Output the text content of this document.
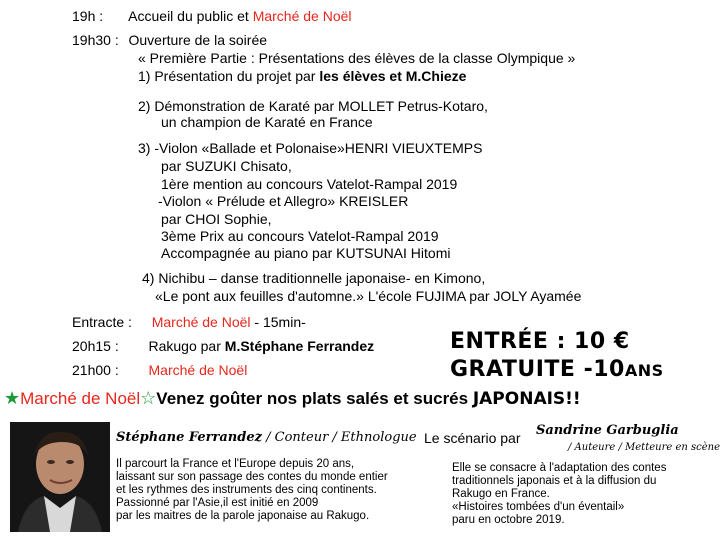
19h : Accueil du public et Marché de Noël
19h30 : Ouverture de la soirée
« Première Partie : Présentations des élèves de la classe Olympique »
1) Présentation du projet par les élèves et M.Chieze
2) Démonstration de Karaté par MOLLET Petrus-Kotaro,
un champion de Karaté en France
3) -Violon «Ballade et Polonaise»HENRI VIEUXTEMPS
par SUZUKI Chisato,
1ère mention au concours Vatelot-Rampal 2019
-Violon « Prélude et Allegro» KREISLER
par CHOI Sophie,
3ème Prix au concours Vatelot-Rampal 2019
Accompagnée au piano par KUTSUNAI Hitomi
4) Nichibu – danse traditionnelle japonaise- en Kimono,
«Le pont aux feuilles d'automne.» L'école FUJIMA par JOLY Ayamée
Entracte : Marché de Noël - 15min-
20h15 : Rakugo par M.Stéphane Ferrandez
21h00 : Marché de Noël
ENTRÉE : 10 €
GRATUITE -10ANS
★Marché de Noël☆Venez goûter nos plats salés et sucrés JAPONAIS!!
Stéphane Ferrandez / Conteur / Ethnologue
Il parcourt la France et l'Europe depuis 20 ans,
laissant sur son passage des contes du monde entier
et les rythmes des instruments des cinq continents.
Passionné par l'Asie,il est initié en 2009
par les maitres de la parole japonaise au Rakugo.
Le scénario par Sandrine Garbuglia
/ Auteure / Metteure en scène
Elle se consacre à l'adaptation des contes
traditionnels japonais et à la diffusion du
Rakugo en France.
«Histoires tombées d'un éventail»
paru en octobre 2019.
